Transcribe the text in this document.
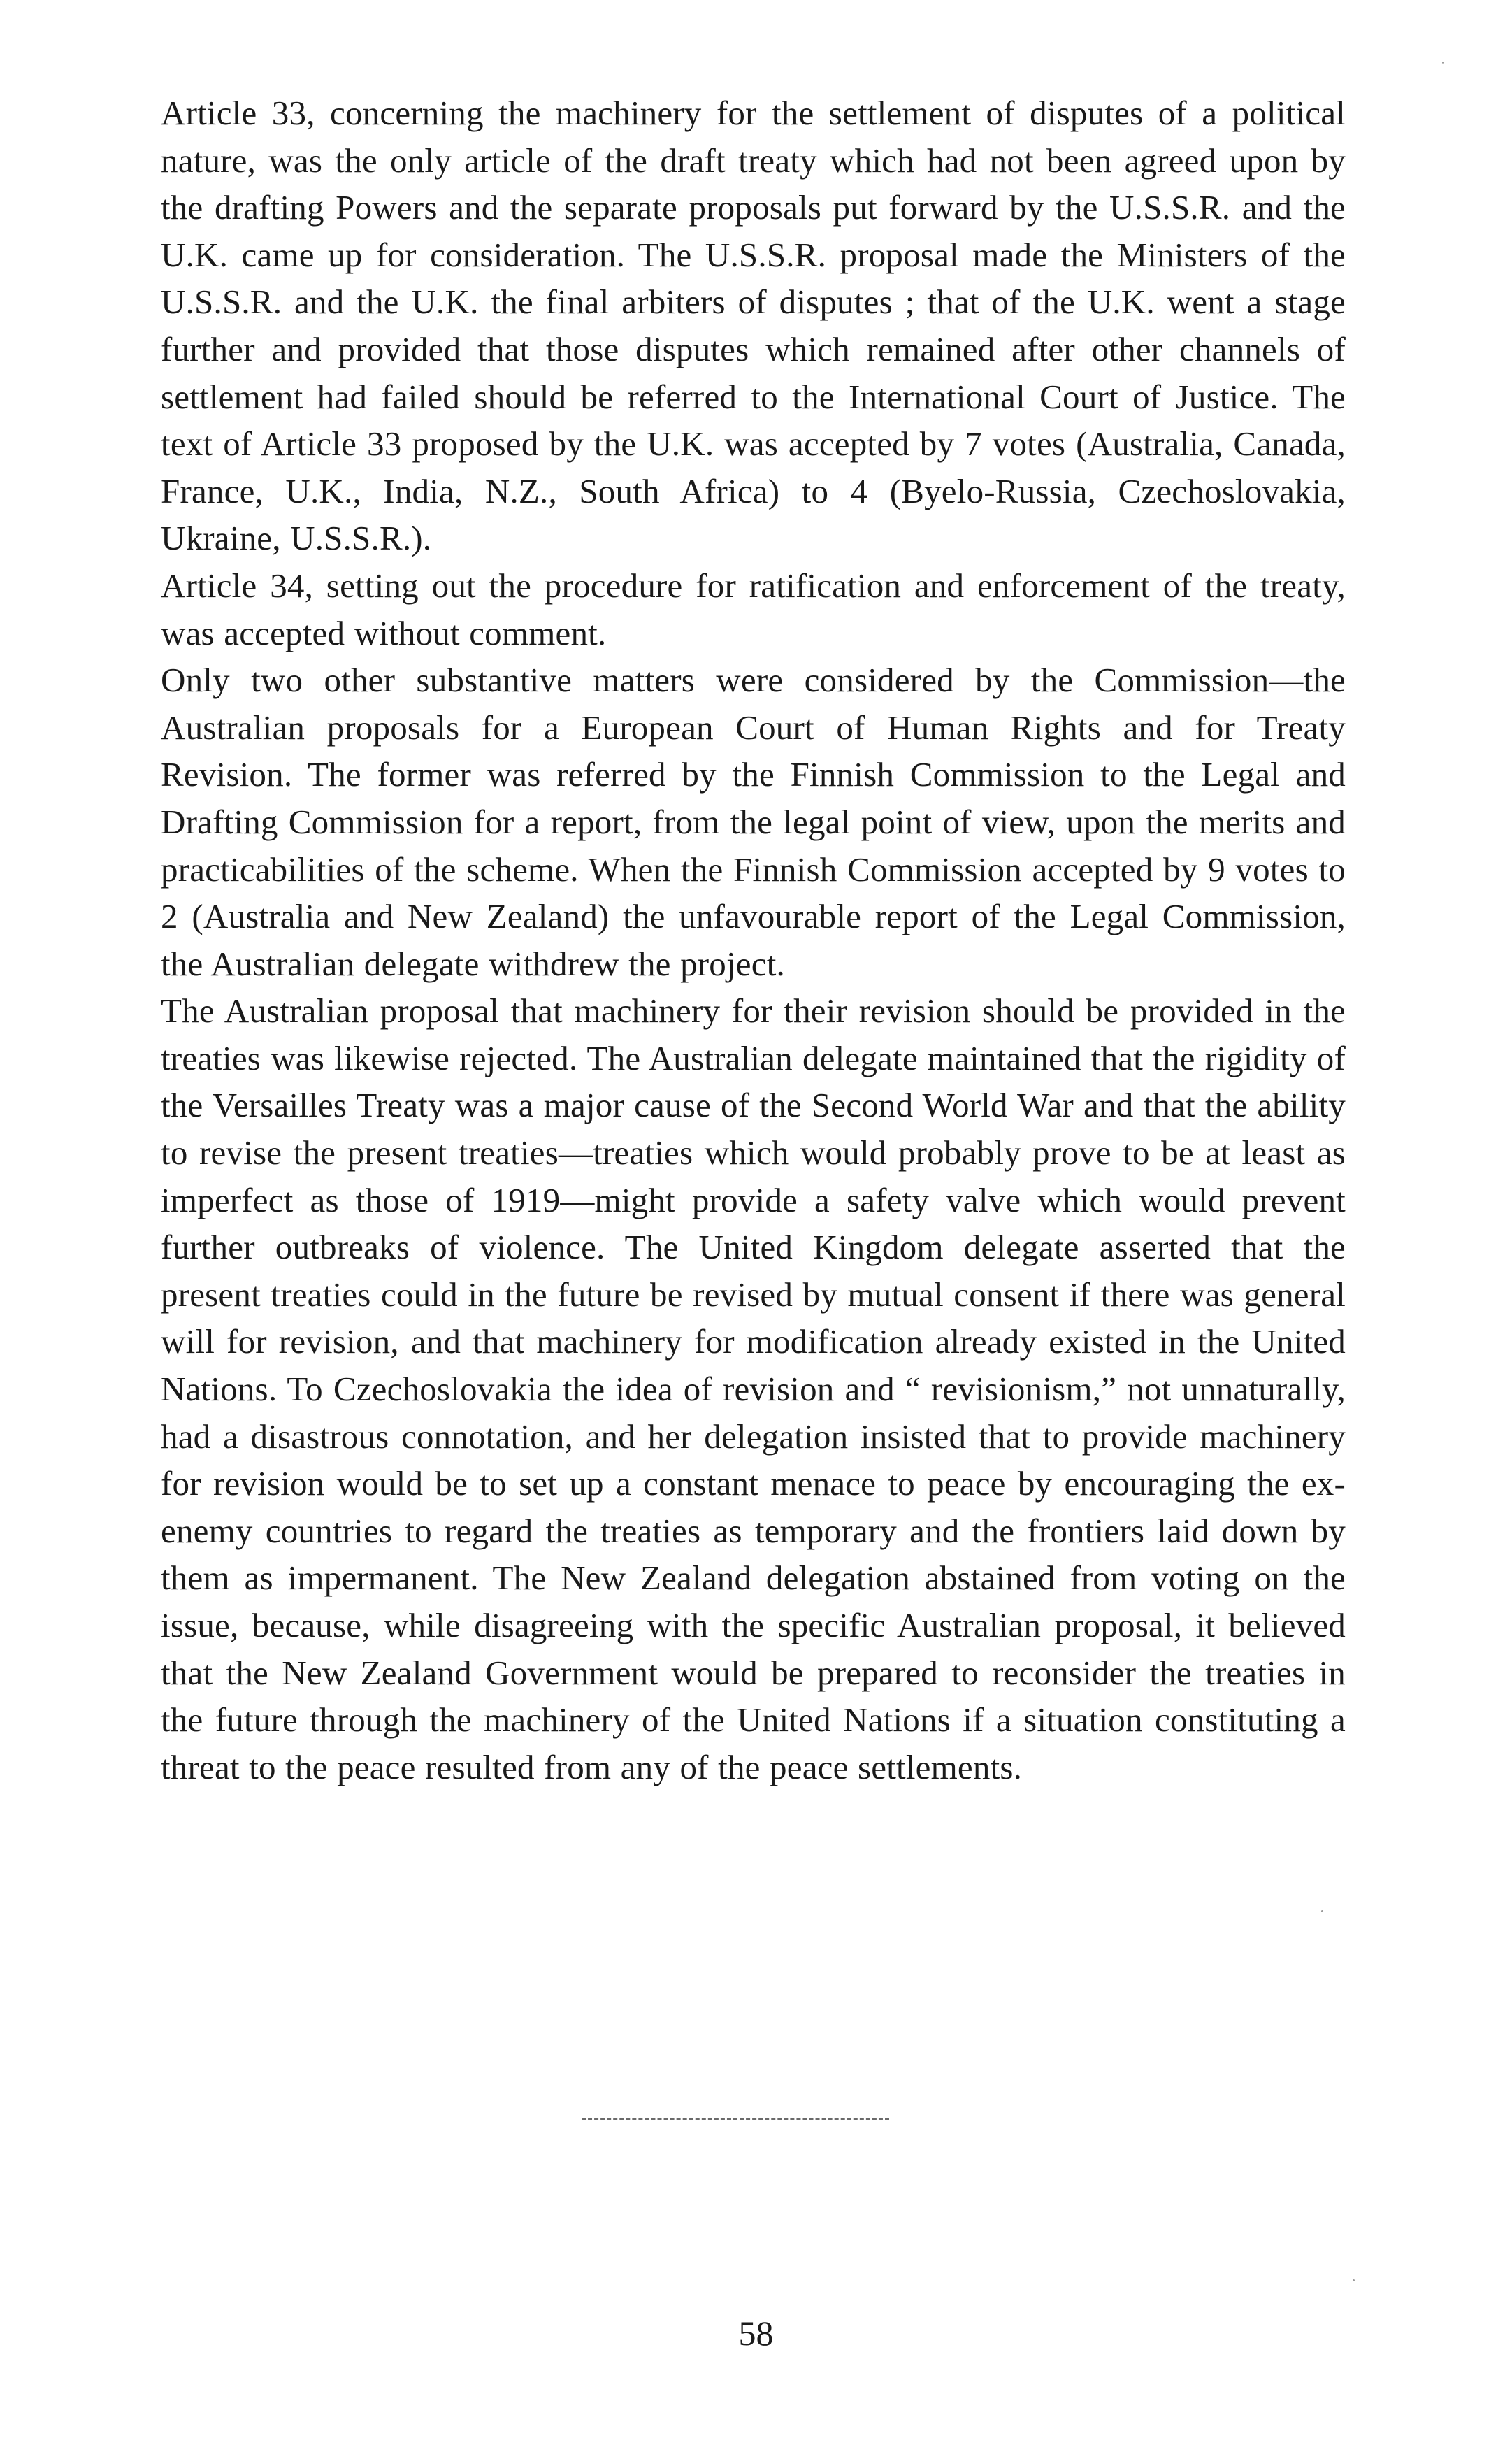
Article 33, concerning the machinery for the settlement of disputes of a political nature, was the only article of the draft treaty which had not been agreed upon by the drafting Powers and the separate proposals put forward by the U.S.S.R. and the U.K. came up for consideration. The U.S.S.R. proposal made the Ministers of the U.S.S.R. and the U.K. the final arbiters of disputes ; that of the U.K. went a stage further and provided that those disputes which remained after other channels of settlement had failed should be referred to the International Court of Justice. The text of Article 33 proposed by the U.K. was accepted by 7 votes (Australia, Canada, France, U.K., India, N.Z., South Africa) to 4 (Byelo-Russia, Czechoslovakia, Ukraine, U.S.S.R.).

Article 34, setting out the procedure for ratification and enforcement of the treaty, was accepted without comment.

Only two other substantive matters were considered by the Commission—the Australian proposals for a European Court of Human Rights and for Treaty Revision. The former was referred by the Finnish Commission to the Legal and Drafting Commission for a report, from the legal point of view, upon the merits and practicabilities of the scheme. When the Finnish Commission accepted by 9 votes to 2 (Australia and New Zealand) the unfavourable report of the Legal Commission, the Australian delegate withdrew the project.

The Australian proposal that machinery for their revision should be provided in the treaties was likewise rejected. The Australian delegate maintained that the rigidity of the Versailles Treaty was a major cause of the Second World War and that the ability to revise the present treaties—treaties which would probably prove to be at least as imperfect as those of 1919—might provide a safety valve which would prevent further outbreaks of violence. The United Kingdom delegate asserted that the present treaties could in the future be revised by mutual consent if there was general will for revision, and that machinery for modification already existed in the United Nations. To Czechoslovakia the idea of revision and “ revisionism,” not unnaturally, had a disastrous connotation, and her delegation insisted that to provide machinery for revision would be to set up a constant menace to peace by encouraging the ex-enemy countries to regard the treaties as temporary and the frontiers laid down by them as impermanent. The New Zealand delegation abstained from voting on the issue, because, while disagreeing with the specific Australian proposal, it believed that the New Zealand Government would be prepared to reconsider the treaties in the future through the machinery of the United Nations if a situation constituting a threat to the peace resulted from any of the peace settlements.

58
